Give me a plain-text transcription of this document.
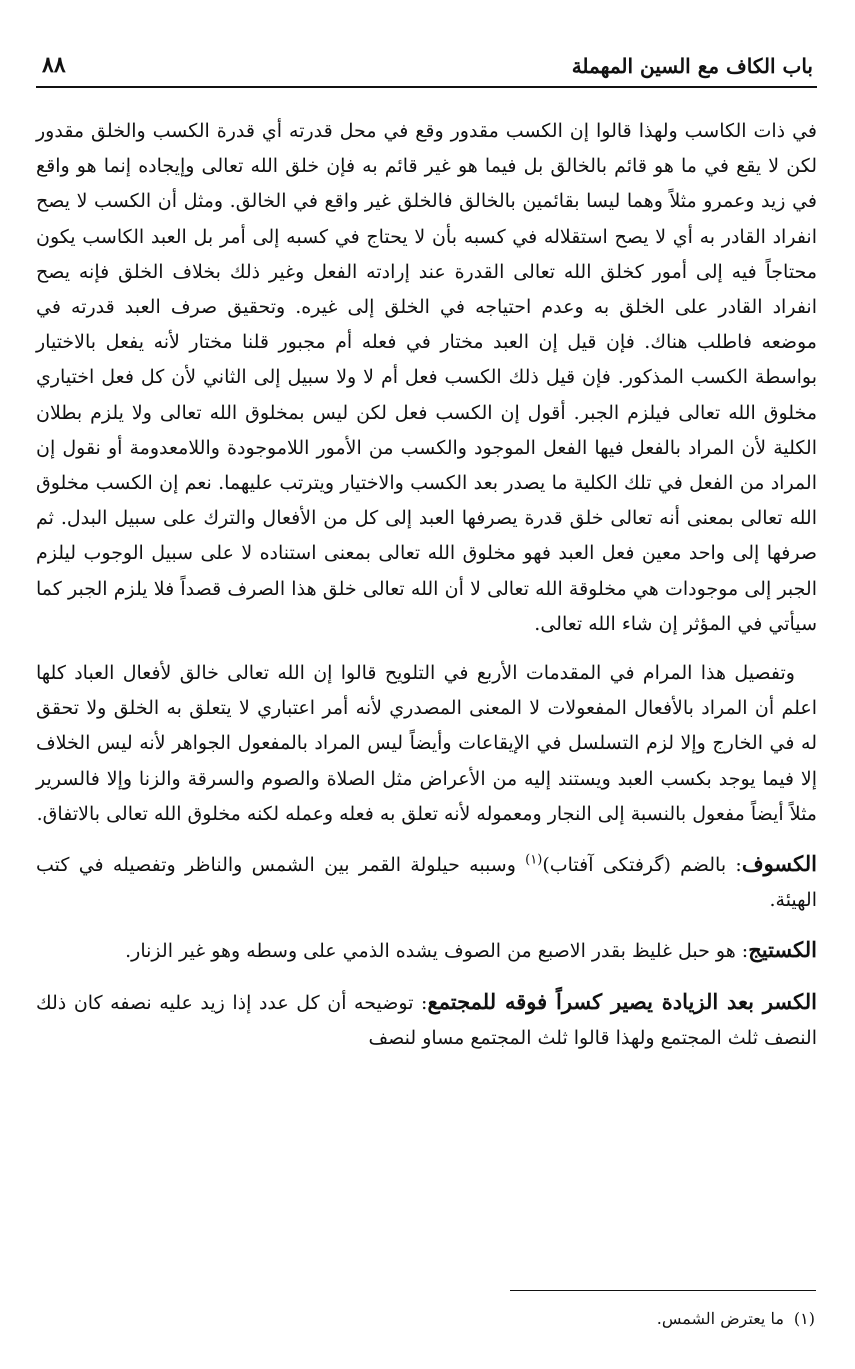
باب الكاف مع السين المهملة
٨٨

في ذات الكاسب ولهذا قالوا إن الكسب مقدور وقع في محل قدرته أي قدرة الكسب والخلق مقدور لكن لا يقع في ما هو قائم بالخالق بل فيما هو غير قائم به فإن خلق الله تعالى وإيجاده إنما هو واقع في زيد وعمرو مثلاً وهما ليسا بقائمين بالخالق فالخلق غير واقع في الخالق. ومثل أن الكسب لا يصح انفراد القادر به أي لا يصح استقلاله في كسبه بأن لا يحتاج في كسبه إلى أمر بل العبد الكاسب يكون محتاجاً فيه إلى أمور كخلق الله تعالى القدرة عند إرادته الفعل وغير ذلك بخلاف الخلق فإنه يصح انفراد القادر على الخلق به وعدم احتياجه في الخلق إلى غيره. وتحقيق صرف العبد قدرته في موضعه فاطلب هناك. فإن قيل إن العبد مختار في فعله أم مجبور قلنا مختار لأنه يفعل بالاختيار بواسطة الكسب المذكور. فإن قيل ذلك الكسب فعل أم لا ولا سبيل إلى الثاني لأن كل فعل اختياري مخلوق الله تعالى فيلزم الجبر. أقول إن الكسب فعل لكن ليس بمخلوق الله تعالى ولا يلزم بطلان الكلية لأن المراد بالفعل فيها الفعل الموجود والكسب من الأمور اللاموجودة واللامعدومة أو نقول إن المراد من الفعل في تلك الكلية ما يصدر بعد الكسب والاختيار ويترتب عليهما. نعم إن الكسب مخلوق الله تعالى بمعنى أنه تعالى خلق قدرة يصرفها العبد إلى كل من الأفعال والترك على سبيل البدل. ثم صرفها إلى واحد معين فعل العبد فهو مخلوق الله تعالى بمعنى استناده لا على سبيل الوجوب ليلزم الجبر إلى موجودات هي مخلوقة الله تعالى لا أن الله تعالى خلق هذا الصرف قصداً فلا يلزم الجبر كما سيأتي في المؤثر إن شاء الله تعالى.

وتفصيل هذا المرام في المقدمات الأربع في التلويح قالوا إن الله تعالى خالق لأفعال العباد كلها اعلم أن المراد بالأفعال المفعولات لا المعنى المصدري لأنه أمر اعتباري لا يتعلق به الخلق ولا تحقق له في الخارج وإلا لزم التسلسل في الإيقاعات وأيضاً ليس المراد بالمفعول الجواهر لأنه ليس الخلاف إلا فيما يوجد بكسب العبد ويستند إليه من الأعراض مثل الصلاة والصوم والسرقة والزنا وإلا فالسرير مثلاً أيضاً مفعول بالنسبة إلى النجار ومعموله لأنه تعلق به فعله وعمله لكنه مخلوق الله تعالى بالاتفاق.

الكسوف: بالضم (گرفتكى آفتاب)$^{(١)}$ وسببه حيلولة القمر بين الشمس والناظر وتفصيله في كتب الهيئة.

الكستيج: هو حبل غليظ بقدر الاصبع من الصوف يشده الذمي على وسطه وهو غير الزنار.

الكسر بعد الزيادة يصير كسراً فوقه للمجتمع: توضيحه أن كل عدد إذا زيد عليه نصفه كان ذلك النصف ثلث المجتمع ولهذا قالوا ثلث المجتمع مساو لنصف

(١)ما يعترض الشمس.
